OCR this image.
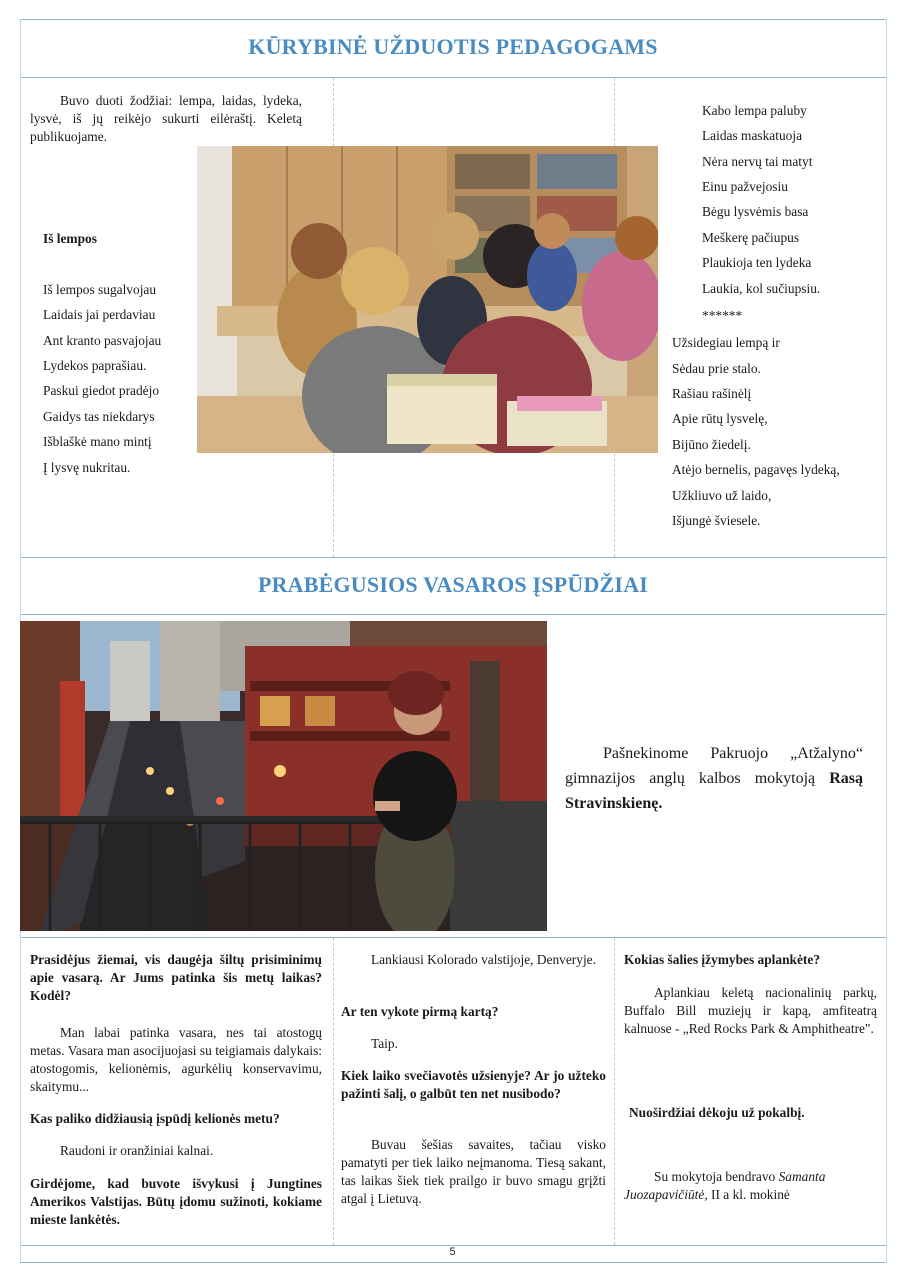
KŪRYBINĖ UŽDUOTIS PEDAGOGAMS
Buvo duoti žodžiai: lempa, laidas, lydeka, lysvė, iš jų reikėjo sukurti eilėraštį. Keletą publikuojame.
Iš lempos
Iš lempos sugalvojau
Laidais jai perdaviau
Ant kranto pasvajojau
Lydekos paprašiau.
Paskui giedot pradėjo
Gaidys tas niekdarys
Išblaškė mano mintį
Į lysvę nukritau.
Kabo lempa paluby
Laidas maskatuoja
Nėra nervų tai matyt
Einu pažvejosiu
Bėgu lysvėmis basa
Meškerę pačiupus
Plaukioja ten lydeka
Laukia, kol sučiupsiu.
******
Užsidegiau lempą ir
Sėdau prie stalo.
Rašiau rašinėlį
Apie rūtų lysvelę,
Bijūno žiedelį.
Atėjo bernelis, pagavęs lydeką,
Užkliuvo už laido,
Išjungė šviesele.
PRABĖGUSIOS VASAROS ĮSPŪDŽIAI
Pašnekinome Pakruojo „Atžalyno“ gimnazijos anglų kalbos mokytoją Rasą Stravinskienę.
Prasidėjus žiemai, vis daugėja šiltų prisiminimų apie vasarą. Ar Jums patinka šis metų laikas? Kodėl?
Man labai patinka vasara, nes tai atostogų metas. Vasara man asocijuojasi su teigiamais dalykais: atostogomis, kelionėmis, agurkėlių konservavimu, skaitymu...
Kas paliko didžiausią įspūdį kelionės metu?
Raudoni ir oranžiniai kalnai.
Girdėjome, kad buvote išvykusi į Jungtines Amerikos Valstijas. Būtų įdomu sužinoti, kokiame mieste lankėtės.
Lankiausi Kolorado valstijoje, Denveryje.
Ar ten vykote pirmą kartą?
Taip.
Kiek laiko svečiavotės užsienyje? Ar jo užteko pažinti šalį, o galbūt ten net nusibodo?
Buvau šešias savaites, tačiau visko pamatyti per tiek laiko neįmanoma. Tiesą sakant, tas laikas šiek tiek prailgo ir buvo smagu grįžti atgal į Lietuvą.
Kokias šalies įžymybes aplankėte?
Aplankiau keletą nacionalinių parkų, Buffalo Bill muziejų ir kapą, amfiteatrą kalnuose - „Red Rocks Park & Amphitheatre".
Nuoširdžiai dėkoju už pokalbį.
Su mokytoja bendravo Samanta Juozapavičiūtė, II a kl. mokinė
5
